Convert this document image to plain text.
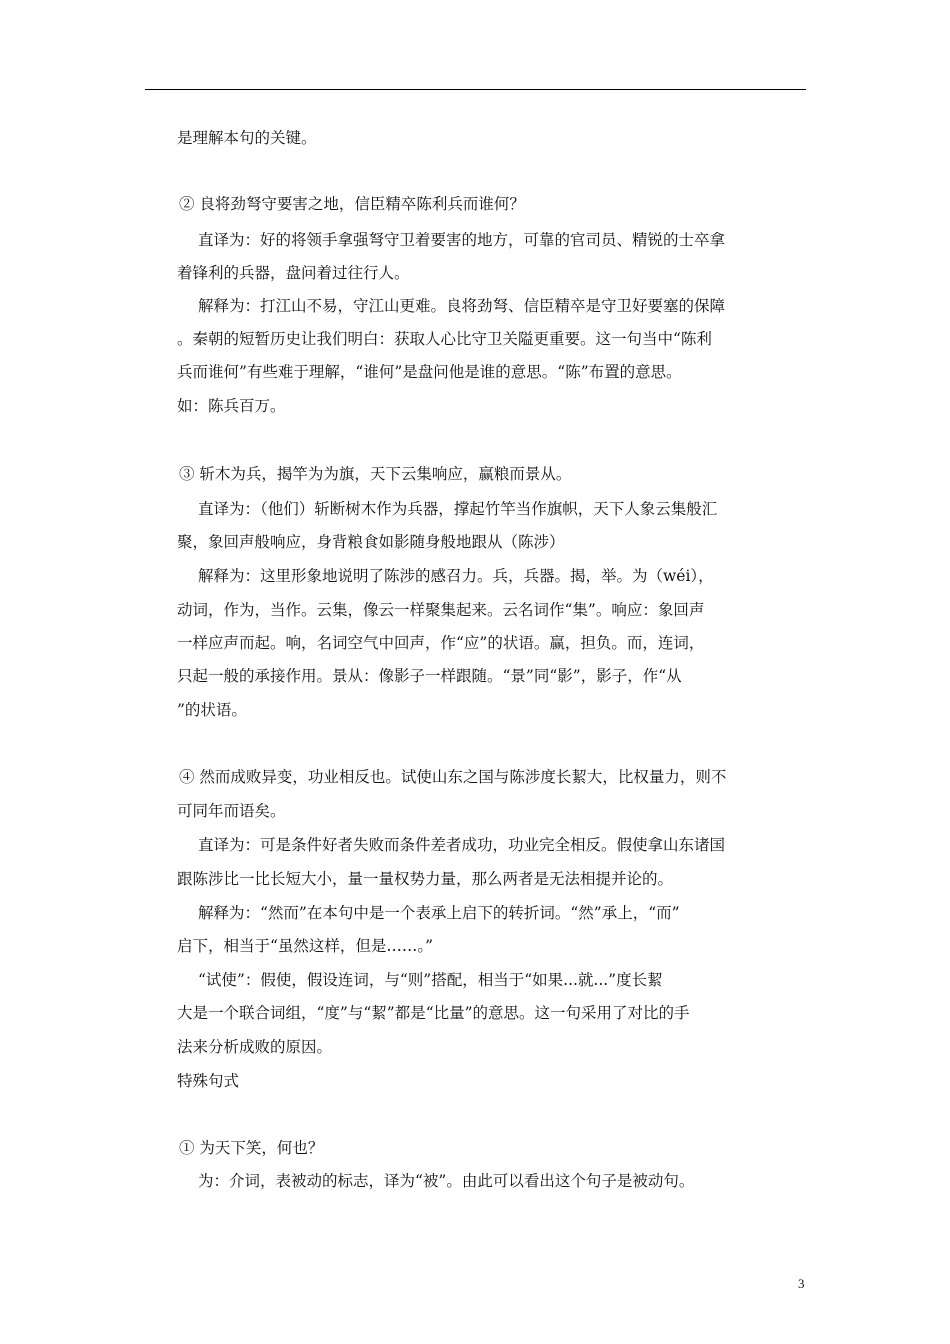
是理解本句的关键。
② 良将劲弩守要害之地，信臣精卒陈利兵而谁何？
直译为：好的将领手拿强弩守卫着要害的地方，可靠的官司员、精锐的士卒拿
着锋利的兵器，盘问着过往行人。
解释为：打江山不易，守江山更难。良将劲弩、信臣精卒是守卫好要塞的保障
。秦朝的短暂历史让我们明白：获取人心比守卫关隘更重要。这一句当中“陈利
兵而谁何”有些难于理解，“谁何”是盘问他是谁的意思。“陈”布置的意思。
如：陈兵百万。
③ 斩木为兵，揭竿为为旗，天下云集响应，赢粮而景从。
直译为：（他们）斩断树木作为兵器，撑起竹竿当作旗帜，天下人象云集般汇
聚，象回声般响应，身背粮食如影随身般地跟从（陈涉）
解释为：这里形象地说明了陈涉的感召力。兵，兵器。揭，举。为（wéi），
动词，作为，当作。云集，像云一样聚集起来。云名词作“集”。响应：象回声
一样应声而起。响，名词空气中回声，作“应”的状语。赢，担负。而，连词，
只起一般的承接作用。景从：像影子一样跟随。“景”同“影”，影子，作“从
”的状语。
④ 然而成败异变，功业相反也。试使山东之国与陈涉度长絜大，比权量力，则不
可同年而语矣。
直译为：可是条件好者失败而条件差者成功，功业完全相反。假使拿山东诸国
跟陈涉比一比长短大小，量一量权势力量，那么两者是无法相提并论的。
解释为：“然而”在本句中是一个表承上启下的转折词。“然”承上，“而”
启下，相当于“虽然这样，但是……。”
“试使”：假使，假设连词，与“则”搭配，相当于“如果...就...”度长絜
大是一个联合词组，“度”与“絜”都是“比量”的意思。这一句采用了对比的手
法来分析成败的原因。
特殊句式
① 为天下笑，何也？
为：介词，表被动的标志，译为“被”。由此可以看出这个句子是被动句。
3
